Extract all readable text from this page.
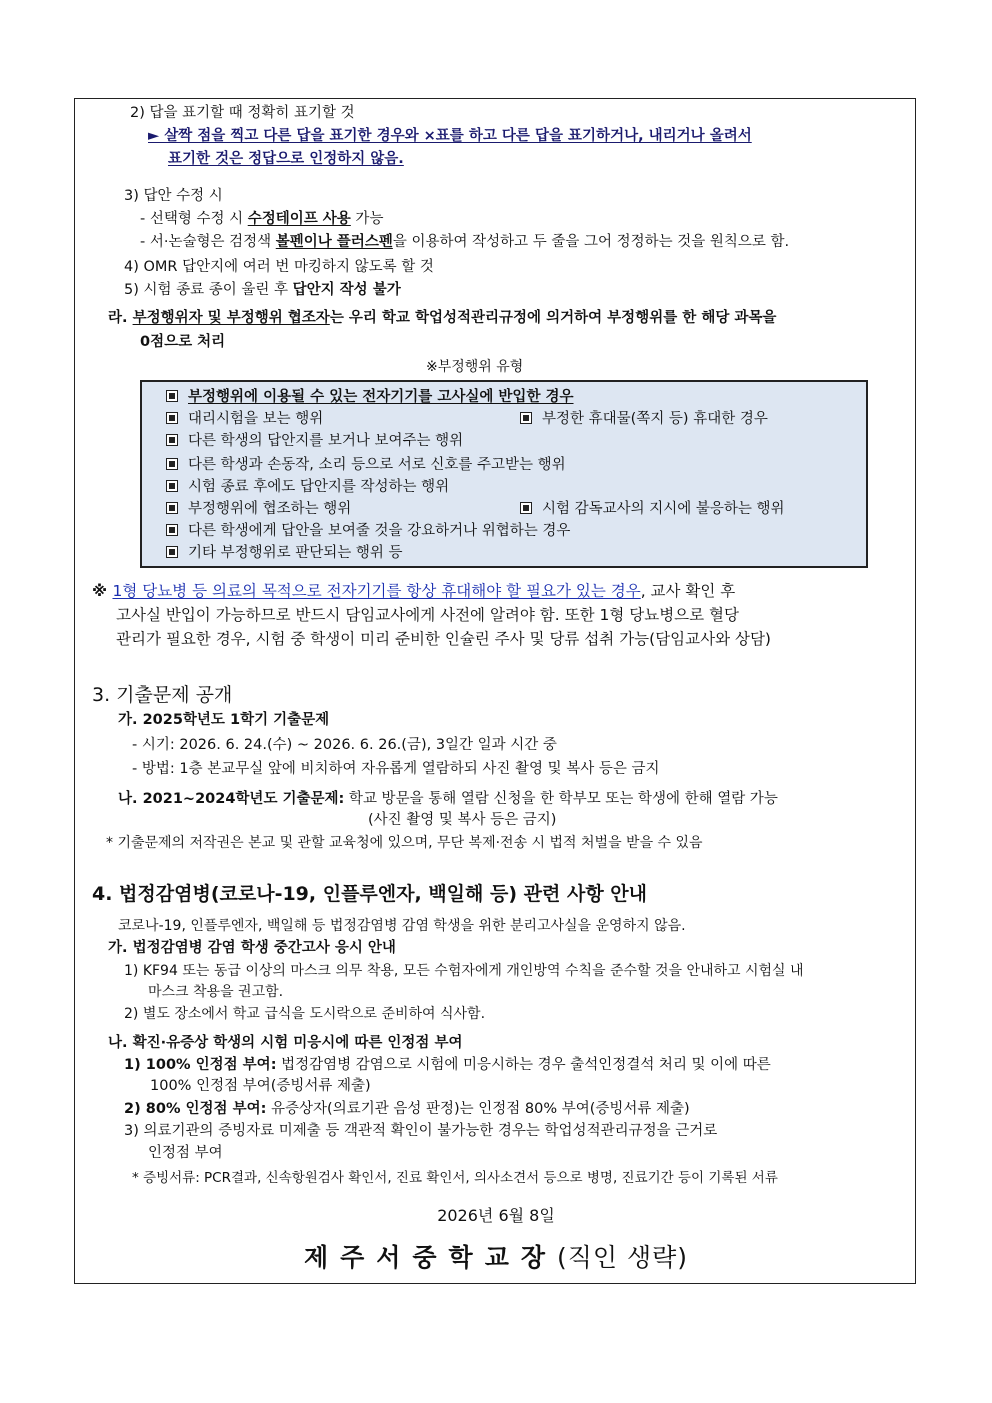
2) 답을 표기할 때 정확히 표기할 것
► 살짝 점을 찍고 다른 답을 표기한 경우와 ×표를 하고 다른 답을 표기하거나, 내리거나 올려서
표기한 것은 정답으로 인정하지 않음.
3) 답안 수정 시
- 선택형 수정 시 수정테이프 사용 가능
- 서·논술형은 검정색 볼펜이나 플러스펜을 이용하여 작성하고 두 줄을 그어 정정하는 것을 원칙으로 함.
4) OMR 답안지에 여러 번 마킹하지 않도록 할 것
5) 시험 종료 종이 울린 후 답안지 작성 불가
라. 부정행위자 및 부정행위 협조자는 우리 학교 학업성적관리규정에 의거하여 부정행위를 한 해당 과목을
0점으로 처리
※부정행위 유형
부정행위에 이용될 수 있는 전자기기를 고사실에 반입한 경우
대리시험을 보는 행위	부정한 휴대물(쪽지 등) 휴대한 경우
다른 학생의 답안지를 보거나 보여주는 행위
다른 학생과 손동작, 소리 등으로 서로 신호를 주고받는 행위
시험 종료 후에도 답안지를 작성하는 행위
부정행위에 협조하는 행위	시험 감독교사의 지시에 불응하는 행위
다른 학생에게 답안을 보여줄 것을 강요하거나 위협하는 경우
기타 부정행위로 판단되는 행위 등
※ 1형 당뇨병 등 의료의 목적으로 전자기기를 항상 휴대해야 할 필요가 있는 경우, 교사 확인 후
고사실 반입이 가능하므로 반드시 담임교사에게 사전에 알려야 함. 또한 1형 당뇨병으로 혈당
관리가 필요한 경우, 시험 중 학생이 미리 준비한 인슐린 주사 및 당류 섭취 가능(담임교사와 상담)
3. 기출문제 공개
가. 2025학년도 1학기 기출문제
- 시기: 2026. 6. 24.(수) ~ 2026. 6. 26.(금), 3일간 일과 시간 중
- 방법: 1층 본교무실 앞에 비치하여 자유롭게 열람하되 사진 촬영 및 복사 등은 금지
나. 2021~2024학년도 기출문제: 학교 방문을 통해 열람 신청을 한 학부모 또는 학생에 한해 열람 가능
(사진 촬영 및 복사 등은 금지)
* 기출문제의 저작권은 본교 및 관할 교육청에 있으며, 무단 복제·전송 시 법적 처벌을 받을 수 있음
4. 법정감염병(코로나-19, 인플루엔자, 백일해 등) 관련 사항 안내
코로나-19, 인플루엔자, 백일해 등 법정감염병 감염 학생을 위한 분리고사실을 운영하지 않음.
가. 법정감염병 감염 학생 중간고사 응시 안내
1) KF94 또는 동급 이상의 마스크 의무 착용, 모든 수험자에게 개인방역 수칙을 준수할 것을 안내하고 시험실 내
마스크 착용을 권고함.
2) 별도 장소에서 학교 급식을 도시락으로 준비하여 식사함.
나. 확진·유증상 학생의 시험 미응시에 따른 인정점 부여
1) 100% 인정점 부여: 법정감염병 감염으로 시험에 미응시하는 경우 출석인정결석 처리 및 이에 따른
100% 인정점 부여(증빙서류 제출)
2) 80% 인정점 부여: 유증상자(의료기관 음성 판정)는 인정점 80% 부여(증빙서류 제출)
3) 의료기관의 증빙자료 미제출 등 객관적 확인이 불가능한 경우는 학업성적관리규정을 근거로
인정점 부여
* 증빙서류: PCR결과, 신속항원검사 확인서, 진료 확인서, 의사소견서 등으로 병명, 진료기간 등이 기록된 서류
2026년 6월 8일
제주서중학교장(직인 생략)
